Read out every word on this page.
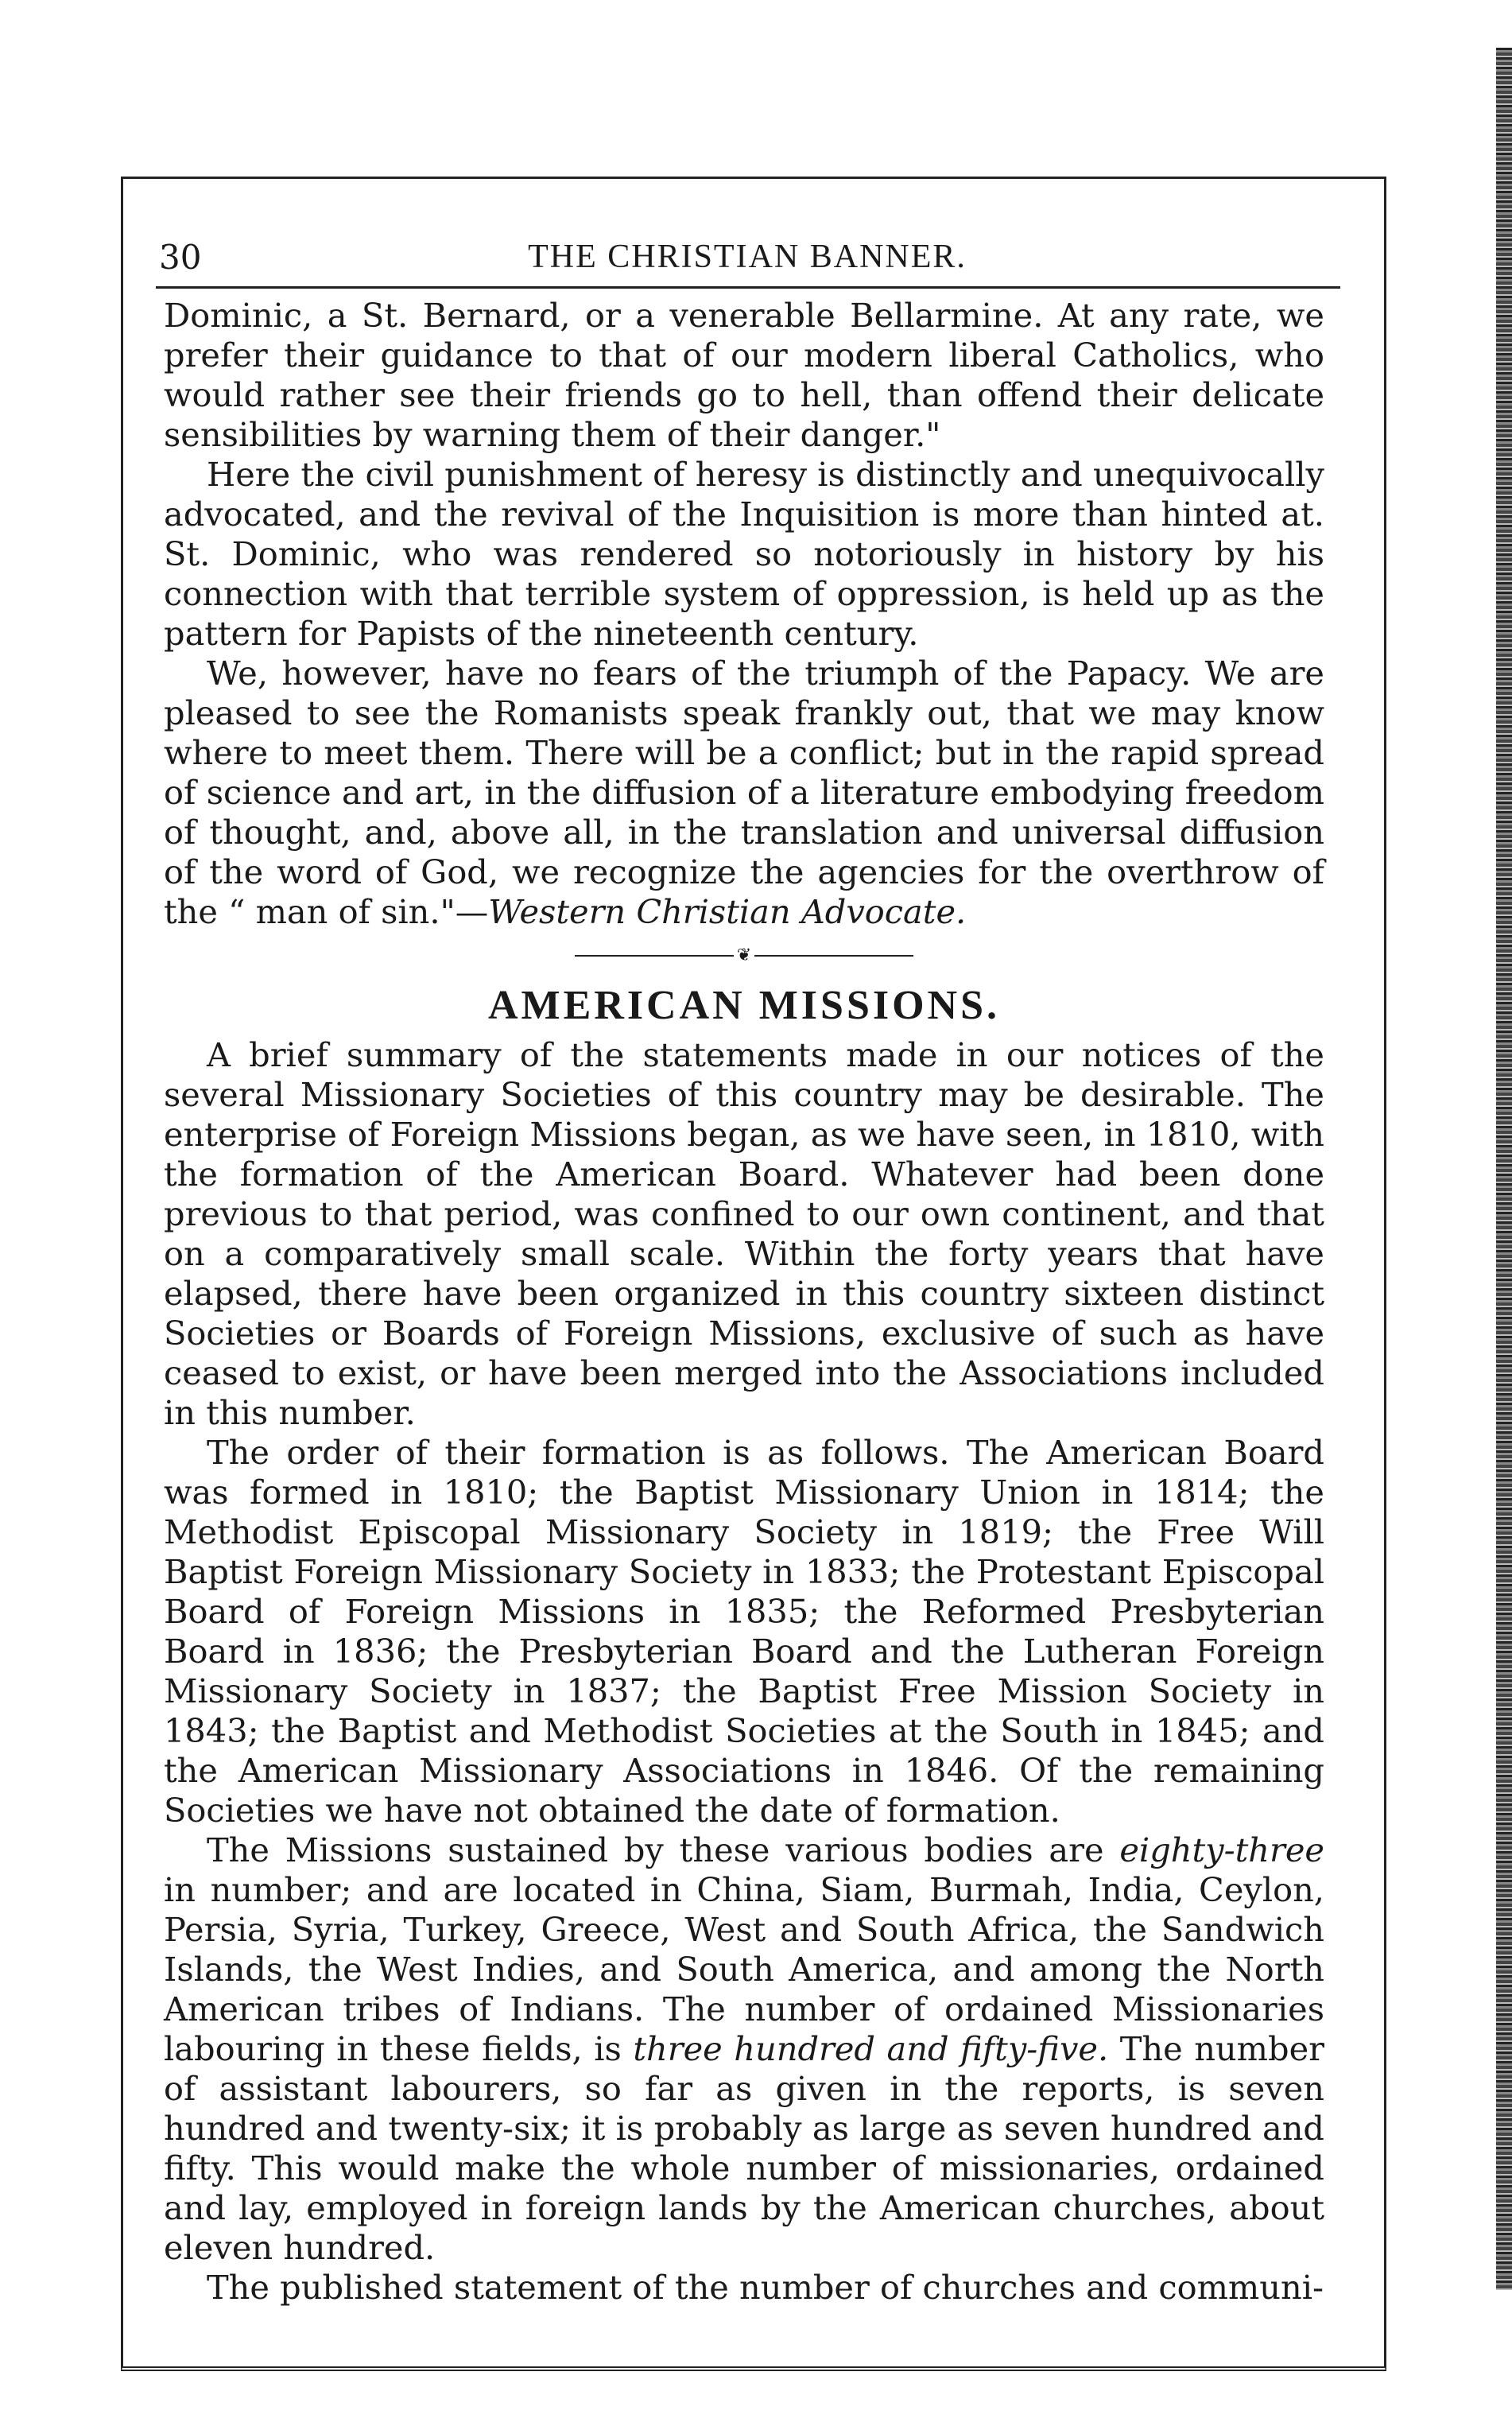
30	THE CHRISTIAN BANNER.

Dominic, a St. Bernard, or a venerable Bellarmine. At any rate, we prefer their guidance to that of our modern liberal Catholics, who would rather see their friends go to hell, than offend their delicate sensibilities by warning them of their danger."

Here the civil punishment of heresy is distinctly and unequivocally advocated, and the revival of the Inquisition is more than hinted at. St. Dominic, who was rendered so notoriously in history by his connection with that terrible system of oppression, is held up as the pattern for Papists of the nineteenth century.

We, however, have no fears of the triumph of the Papacy. We are pleased to see the Romanists speak frankly out, that we may know where to meet them. There will be a conflict; but in the rapid spread of science and art, in the diffusion of a literature embodying freedom of thought, and, above all, in the translation and universal diffusion of the word of God, we recognize the agencies for the overthrow of the “ man of sin."—Western Christian Advocate.

❦
AMERICAN MISSIONS.

A brief summary of the statements made in our notices of the several Missionary Societies of this country may be desirable. The enterprise of Foreign Missions began, as we have seen, in 1810, with the formation of the American Board. Whatever had been done previous to that period, was confined to our own continent, and that on a comparatively small scale. Within the forty years that have elapsed, there have been organized in this country sixteen distinct Societies or Boards of Foreign Missions, exclusive of such as have ceased to exist, or have been merged into the Associations included in this number.

The order of their formation is as follows. The American Board was formed in 1810; the Baptist Missionary Union in 1814; the Methodist Episcopal Missionary Society in 1819; the Free Will Baptist Foreign Missionary Society in 1833; the Protestant Episcopal Board of Foreign Missions in 1835; the Reformed Presbyterian Board in 1836; the Presbyterian Board and the Lutheran Foreign Missionary Society in 1837; the Baptist Free Mission Society in 1843; the Baptist and Methodist Societies at the South in 1845; and the American Missionary Associations in 1846. Of the remaining Societies we have not obtained the date of formation.

The Missions sustained by these various bodies are eighty-three in number; and are located in China, Siam, Burmah, India, Ceylon, Persia, Syria, Turkey, Greece, West and South Africa, the Sandwich Islands, the West Indies, and South America, and among the North American tribes of Indians. The number of ordained Missionaries labouring in these fields, is three hundred and fifty-five. The number of assistant labourers, so far as given in the reports, is seven hundred and twenty-six; it is probably as large as seven hundred and fifty. This would make the whole number of missionaries, ordained and lay, employed in foreign lands by the American churches, about eleven hundred.

The published statement of the number of churches and communi-
